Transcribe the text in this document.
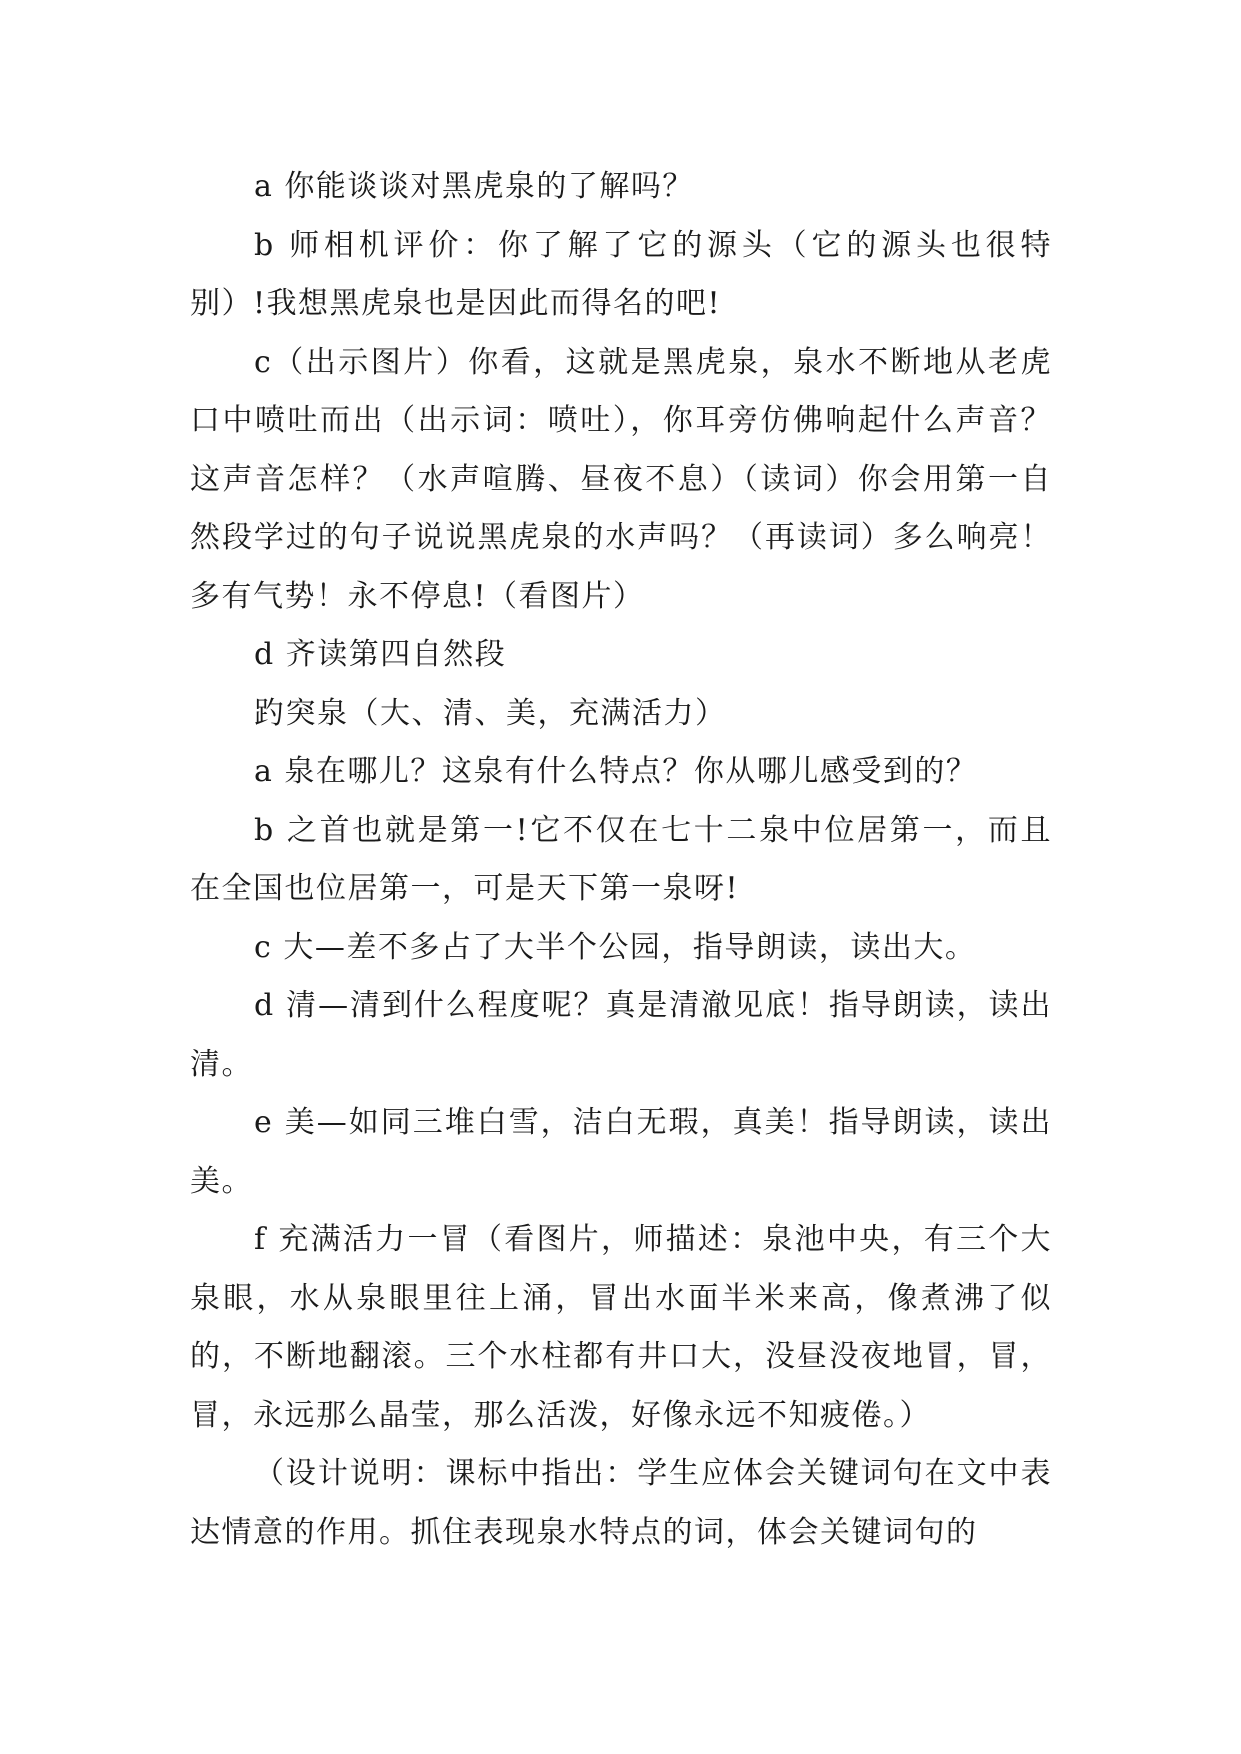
a 你能谈谈对黑虎泉的了解吗？

b 师相机评价：你了解了它的源头（它的源头也很特别）!我想黑虎泉也是因此而得名的吧!

c（出示图片）你看，这就是黑虎泉，泉水不断地从老虎口中喷吐而出（出示词：喷吐），你耳旁仿佛响起什么声音？这声音怎样？（水声喧腾、昼夜不息）（读词）你会用第一自然段学过的句子说说黑虎泉的水声吗？（再读词）多么响亮！多有气势！永不停息!（看图片）

d 齐读第四自然段

趵突泉（大、清、美，充满活力）

a 泉在哪儿？这泉有什么特点？你从哪儿感受到的？

b 之首也就是第一!它不仅在七十二泉中位居第一，而且在全国也位居第一，可是天下第一泉呀!

c 大—差不多占了大半个公园，指导朗读，读出大。

d 清—清到什么程度呢？真是清澈见底！指导朗读，读出清。

e 美—如同三堆白雪，洁白无瑕，真美！指导朗读，读出美。

f 充满活力一冒（看图片，师描述：泉池中央，有三个大泉眼，水从泉眼里往上涌，冒出水面半米来高，像煮沸了似的，不断地翻滚。三个水柱都有井口大，没昼没夜地冒，冒，冒，永远那么晶莹，那么活泼，好像永远不知疲倦。）

（设计说明：课标中指出：学生应体会关键词句在文中表达情意的作用。抓住表现泉水特点的词，体会关键词句的
